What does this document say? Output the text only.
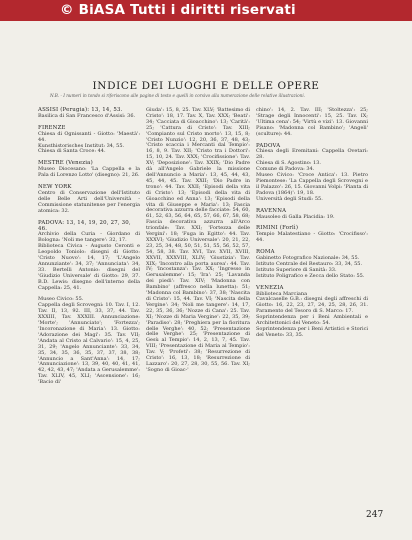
© BiASA Tutti i diritti riservati
INDICE DEI LUOGHI E DELLE OPERE
N.B. - I numeri in tondo si riferiscono alle pagine di testo e quelli in corsivo alla numerazione delle relative illustrazioni.

ASSISI (Perugia): 13, 14, 53.

Basilica di San Francesco d'Assisi: 36.

FIRENZE

Chiesa di Ognissanti - Giotto: 'Maestà': 44.

Kunsthistorisches Institut: 34, 55.

Chiesa di Santa Croce: 44.

MESTRE (Venezia)

Museo Diocesano: 'La Cappella e la Pala di Lorenzo Lotto' (disegno): 21, 26.

NEW YORK

Centro di Conservazione dell'Istituto delle Belle Arti dell'Università - Commissione statunitense per l'energia atomica: 32.

PADOVA: 13, 14, 19, 20, 27, 30, 46.

Archivio della Curia - Giordano di Bologna: 'Noli me tangere': 32, 17.

Biblioteca Civica - Augusto Ceronti e Leopoldo Toniolo: disegni di Giotto: 'Cristo Nuovo': 14, 17; 'L'Angelo Annunziante': 34, 37; 'Annunciata': 34, 33. Bertelli Antonio: disegni del 'Giudizio Universale' di Giotto: 29, 37. B.D. Lewis: disegno dell'interno della Cappella: 25, 41.

Museo Civico: 55.

Cappella degli Scrovegni: 10. Tav. I, 12. Tav. II, 13, 92. III, 33, 37, 44. Tav. XXXIII, Tav. XXXIII. Annunciazione: 'Morte'; 'Annunciato'; 'Fortezza'; 'Incoronazione di Maria': 13. Giotto: 'Adorazione dei Magi': 35. Tav. VII; 'Andata al Cristo al Calvario': 15, 4, 25, 31, 29; 'Angelo Annunciante': 33, 34, 35, 34, 35, 36, 35, 37, 37, 38, 38; 'Annuncio a Sant'Anna': 14, 17; 'Annunciazione': 13, 39, 40, 40, 41, 41, 42, 42, 43, 47; 'Andata a Gerusalemme': Tav. XLIV, 45, XLI; 'Ascensione': 16; 'Bacio di'

Giuda': 15, 8, 25. Tav. XLV; 'Battesimo di Cristo': 18, 17. Tav. X, Tav. XXX; 'Beati': 34; 'Cacciata di Gioacchino': 13; 'Carità': 25; 'Cattura di Cristo': Tav. XIII; 'Compianto sul Cristo morto': 13, 15, 8; 'Cristo Nunzio': 12, 20, 36, 37, 48, 43; 'Cristo scaccia i Mercanti dal Tempio': 16, 8, 9. Tav. XII; 'Cristo tra i Dottori': 15, 10, 24. Tav. XXX; 'Crocifissione': Tav. XV; 'Deposizione': Tav. XXIX; 'Dio Padre dà all'Angelo Gabriele la missione dell'Annuncio a Maria': 13, 45, 44, 43, 45, 44, 45. Tav. XXII; 'Dio Padre in trono': 44. Tav. XXII; 'Episodi della vita di Cristo': 13; 'Episodi della vita di Gioacchino ed Anna': 13; 'Episodi della vita di Giuseppe e Maria': 13; Fascia decorativa azzurra delle facciate: 54, 60, 61, 52, 63, 56, 64, 65, 57, 66, 67, 58, 68; Fascia decorativa azzurra all'Arco trionfale: Tav. XXI; 'Fortezza delle Vergini': 18; 'Fuga in Egitto': 44. Tav. XXXVI; 'Giudizio Universale': 20, 21, 22, 23, 25, 34, 48, 50, 51, 51, 55, 56, 52, 57, 54, 58, 38. Tav. XVI, Tav. XVII, XVIII, XXVII, XXXVIII, XLIV; 'Giustizia': Tav. XIX; 'Incontro alla porta aurea': 44. Tav. IV; 'Incostanza': Tav. XX; 'Ingresso in Gerusalemme': 15; 'Ira': 25; 'Lavanda dei piedi': Tav. XIV; 'Madonna con Bambino' (affresco nella lunetta): 51; 'Madonna col Bambino': 37, 38; 'Nascita di Cristo': 15, 44. Tav. VI; 'Nascita della Vergine': 34; 'Noli me tangere': 14, 17, 22, 35, 36, 36; 'Nozze di Cana': 25. Tav. XI; 'Nozze di Maria Vergine': 22, 35, 39; 'Paradiso': 28; 'Preghiera per la fioritura delle Verghe': 40, 52; 'Presentazione delle Verghe': 25; 'Presentazione di Gesù al Tempio': 14, 2, 13, 7, 45. Tav. VIII; 'Presentazione di Maria al Tempio': Tav. V; 'Profeti': 38; 'Resurrezione di Cristo': 16, 13, 18; 'Resurrezione di Lazzaro': 20, 27, 28, 30, 55, 56. Tav. XI; 'Sogno di Gioac-'

chino': 14, 2. Tav. III; 'Stoltezza': 25; 'Strage degli Innocenti': 15, 25. Tav. IX; 'Ultima cena': 54; 'Virtù e vizi': 13. Giovanni Pisano: 'Madonna col Bambino'; 'Angeli' (sculture): 44.

PADOVA

Chiesa degli Eremitani: Cappella Ovetari: 28.

Chiesa di S. Agostino: 13.

Comune di Padova: 34.

Museo Civico: 'Croce Antica': 13. Pietro Piemontese: 'La Cappella degli Scrovegni e il Palazzo': 26, 15. Giovanni Volpi: 'Pianta di Padova (1864)': 19, 18.

Università degli Studi: 55.

RAVENNA

Mausoleo di Galla Placidia: 19.

RIMINI (Forlì)

Tempio Malatestiano - Giotto: 'Crocifisso': 44.

ROMA

Gabinetto Fotografico Nazionale: 34, 55.

Istituto Centrale del Restauro: 33, 34, 55.

Istituto Superiore di Sanità: 33.

Istituto Poligrafico e Zecca dello Stato: 55.

VENEZIA

Biblioteca Marciana

Cavalcaselle G.B.: disegni degli affreschi di Giotto: 16, 22, 23, 27, 24, 25, 28, 26, 31. Paramento del Tesoro di S. Marco: 17.

Soprintendenza per i Beni Ambientali e Architettonici del Veneto: 54.

Soprintendenza per i Beni Artistici e Storici del Veneto: 33, 35.

247
